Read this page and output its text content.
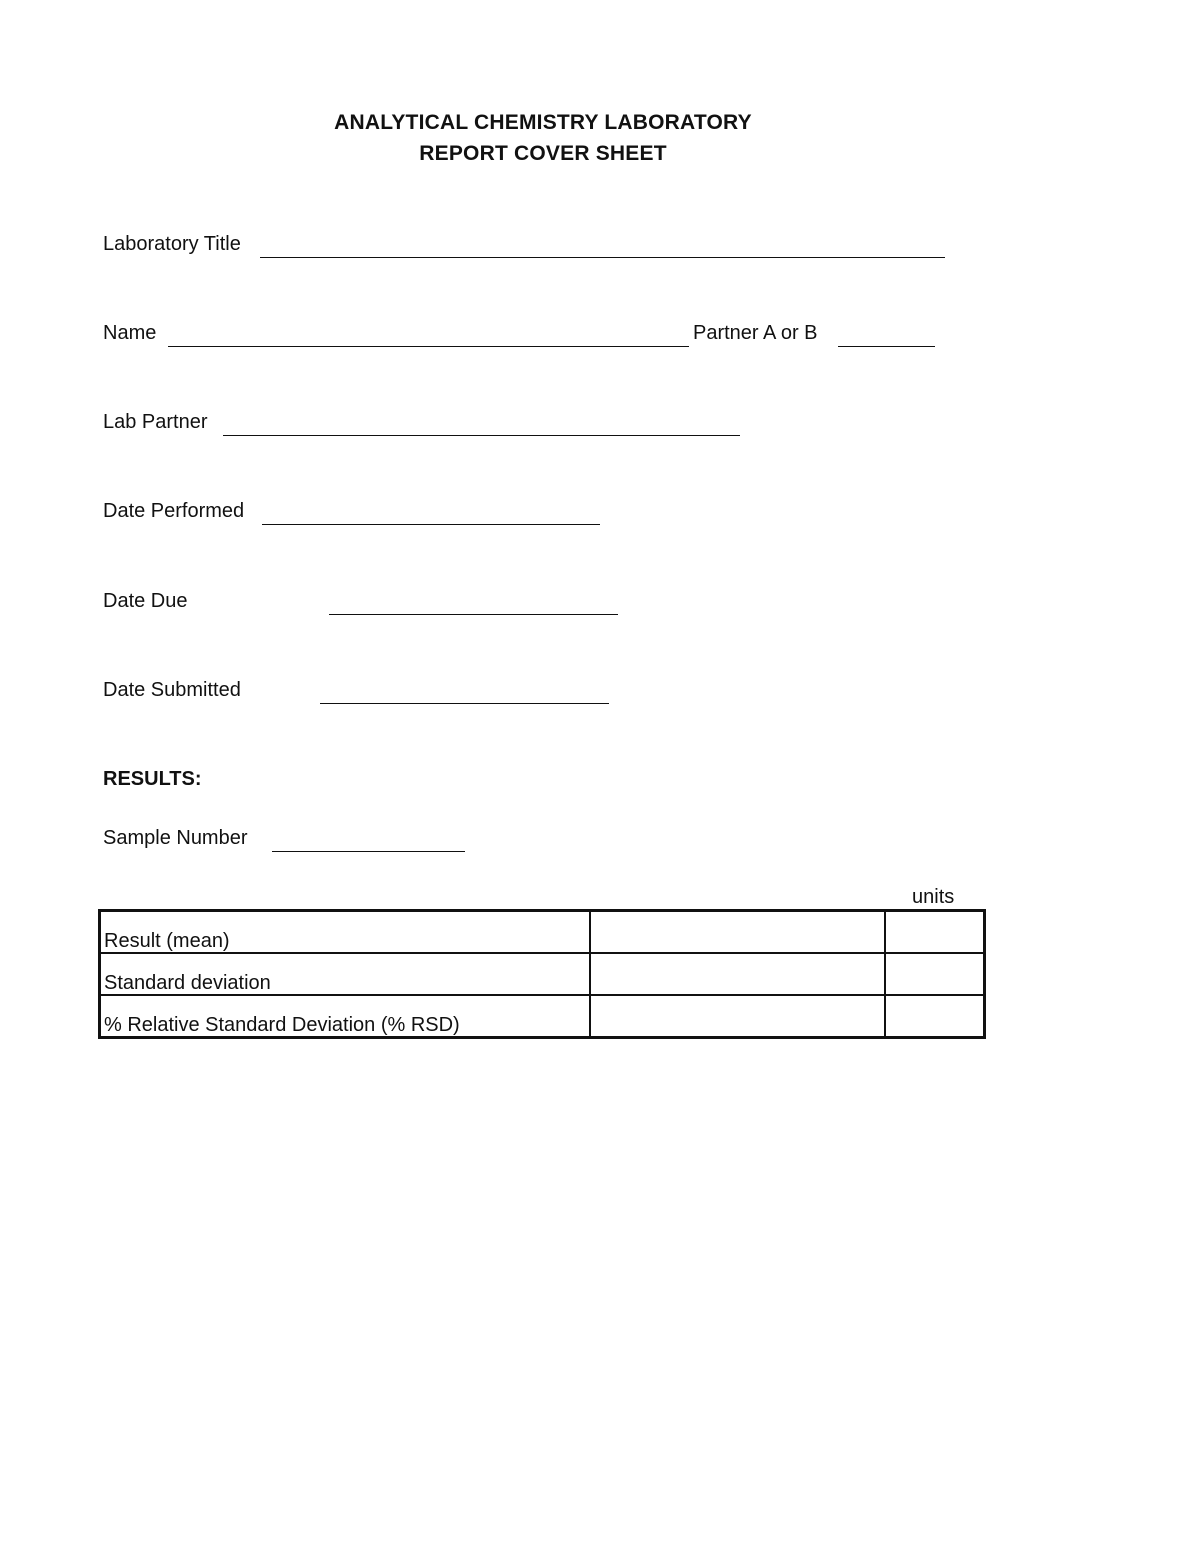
ANALYTICAL CHEMISTRY LABORATORY
REPORT COVER SHEET
Laboratory Title
Name	Partner A or B
Lab Partner
Date Performed
Date Due
Date Submitted
RESULTS:
Sample Number
units
Result (mean)		
Standard deviation		
% Relative Standard Deviation (% RSD)		
